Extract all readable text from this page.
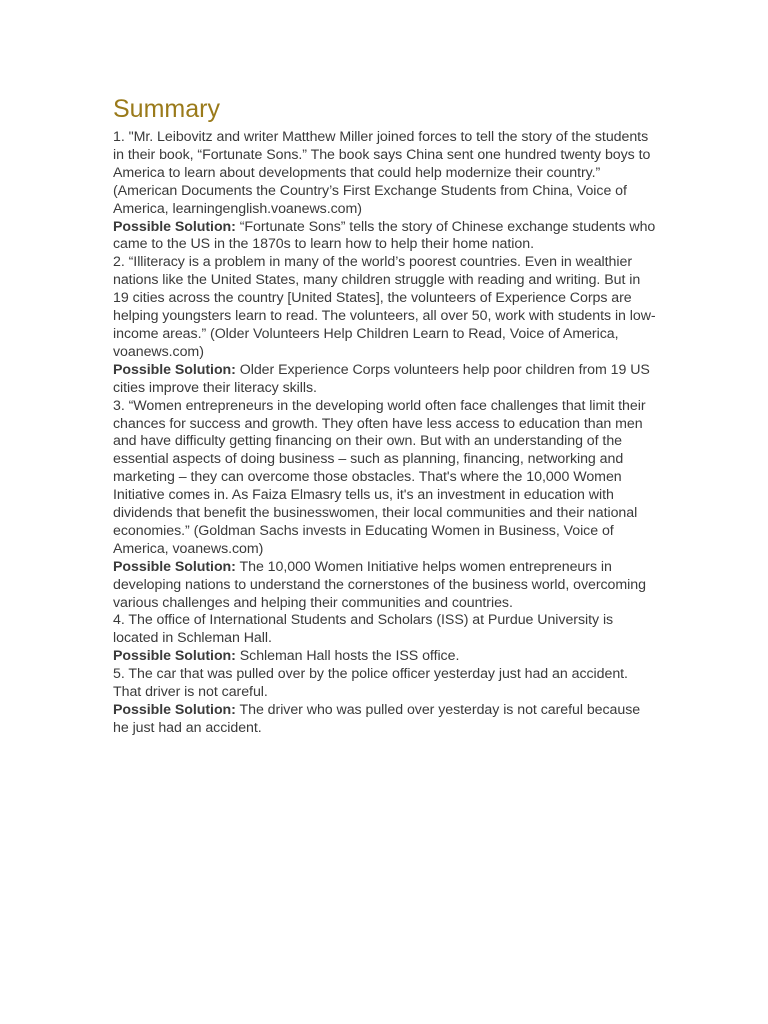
Summary

1. "Mr. Leibovitz and writer Matthew Miller joined forces to tell the story of the students in their book, “Fortunate Sons.” The book says China sent one hundred twenty boys to America to learn about developments that could help modernize their country.” (American Documents the Country’s First Exchange Students from China, Voice of America, learningenglish.voanews.com)

Possible Solution: “Fortunate Sons” tells the story of Chinese exchange students who came to the US in the 1870s to learn how to help their home nation.

2. “Illiteracy is a problem in many of the world’s poorest countries. Even in wealthier nations like the United States, many children struggle with reading and writing. But in 19 cities across the country [United States], the volunteers of Experience Corps are helping youngsters learn to read. The volunteers, all over 50, work with students in low-income areas.” (Older Volunteers Help Children Learn to Read, Voice of America, voanews.com)

Possible Solution: Older Experience Corps volunteers help poor children from 19 US cities improve their literacy skills.

3. “Women entrepreneurs in the developing world often face challenges that limit their chances for success and growth. They often have less access to education than men and have difficulty getting financing on their own. But with an understanding of the essential aspects of doing business – such as planning, financing, networking and marketing – they can overcome those obstacles. That's where the 10,000 Women Initiative comes in. As Faiza Elmasry tells us, it's an investment in education with dividends that benefit the businesswomen, their local communities and their national economies.” (Goldman Sachs invests in Educating Women in Business, Voice of America, voanews.com)

Possible Solution: The 10,000 Women Initiative helps women entrepreneurs in developing nations to understand the cornerstones of the business world, overcoming various challenges and helping their communities and countries.

4. The office of International Students and Scholars (ISS) at Purdue University is located in Schleman Hall.

Possible Solution: Schleman Hall hosts the ISS office.

5. The car that was pulled over by the police officer yesterday just had an accident. That driver is not careful.

Possible Solution: The driver who was pulled over yesterday is not careful because he just had an accident.
